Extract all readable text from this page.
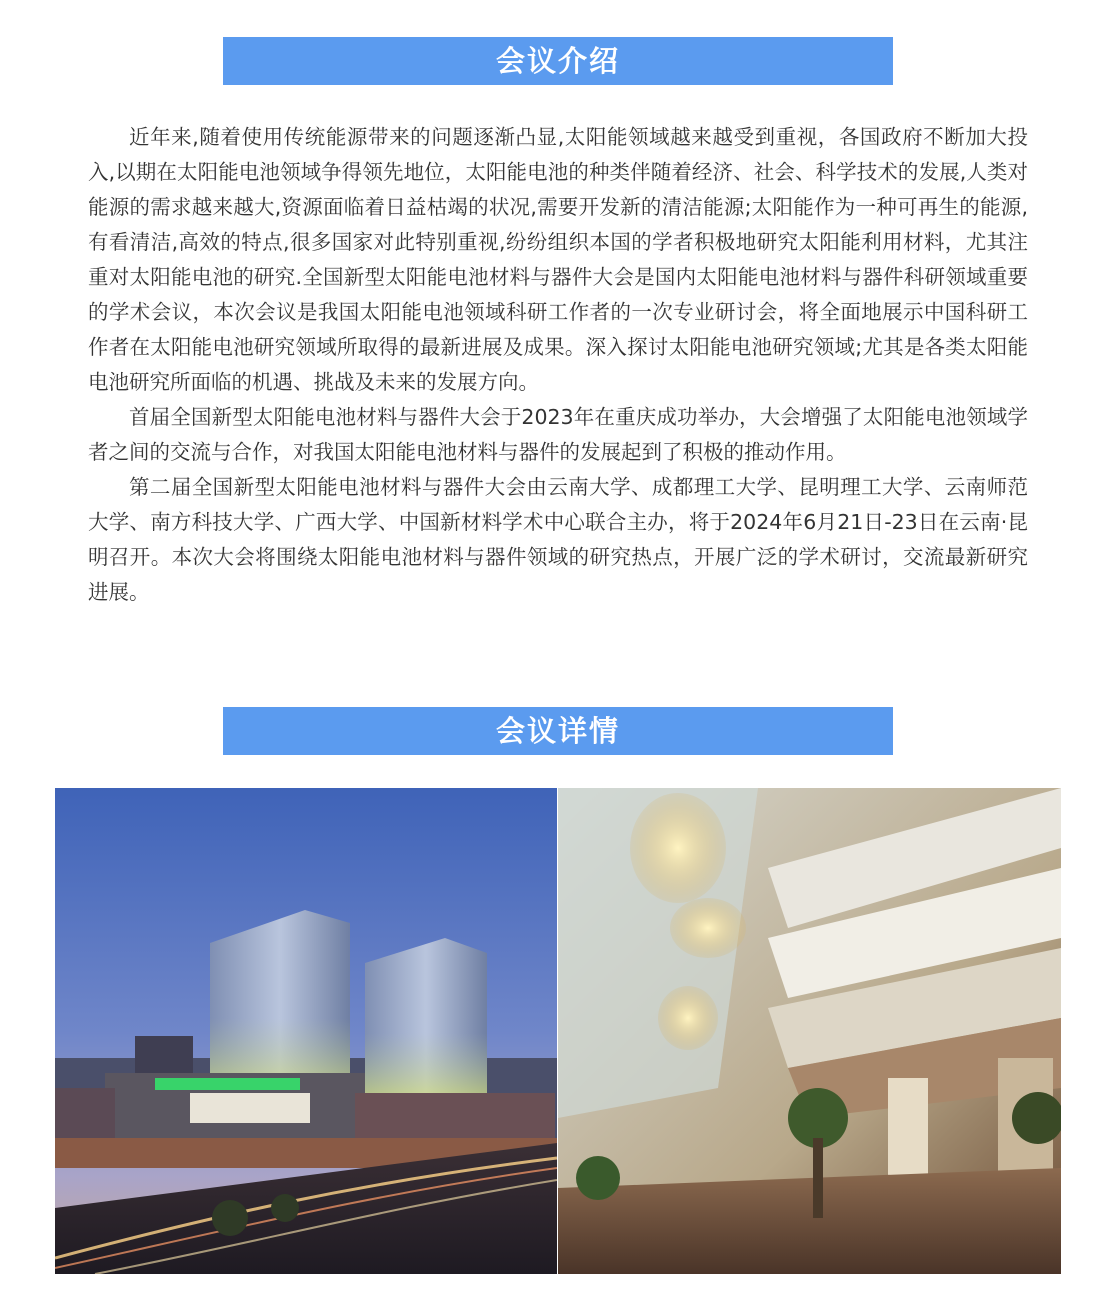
会议介绍

近年来,随着使用传统能源带来的问题逐渐凸显,太阳能领域越来越受到重视，各国政府不断加大投入,以期在太阳能电池领域争得领先地位，太阳能电池的种类伴随着经济、社会、科学技术的发展,人类对能源的需求越来越大,资源面临着日益枯竭的状况,需要开发新的清洁能源;太阳能作为一种可再生的能源,有看清洁,高效的特点,很多国家对此特别重视,纷纷组织本国的学者积极地研究太阳能利用材料，尤其注重对太阳能电池的研究.全国新型太阳能电池材料与器件大会是国内太阳能电池材料与器件科研领域重要的学术会议，本次会议是我国太阳能电池领域科研工作者的一次专业研讨会，将全面地展示中国科研工作者在太阳能电池研究领域所取得的最新进展及成果。深入探讨太阳能电池研究领域;尤其是各类太阳能电池研究所面临的机遇、挑战及未来的发展方向。

首届全国新型太阳能电池材料与器件大会于2023年在重庆成功举办，大会增强了太阳能电池领域学者之间的交流与合作，对我国太阳能电池材料与器件的发展起到了积极的推动作用。

第二届全国新型太阳能电池材料与器件大会由云南大学、成都理工大学、昆明理工大学、云南师范大学、南方科技大学、广西大学、中国新材料学术中心联合主办，将于2024年6月21日-23日在云南·昆明召开。本次大会将围绕太阳能电池材料与器件领域的研究热点，开展广泛的学术研讨，交流最新研究进展。

会议详情
